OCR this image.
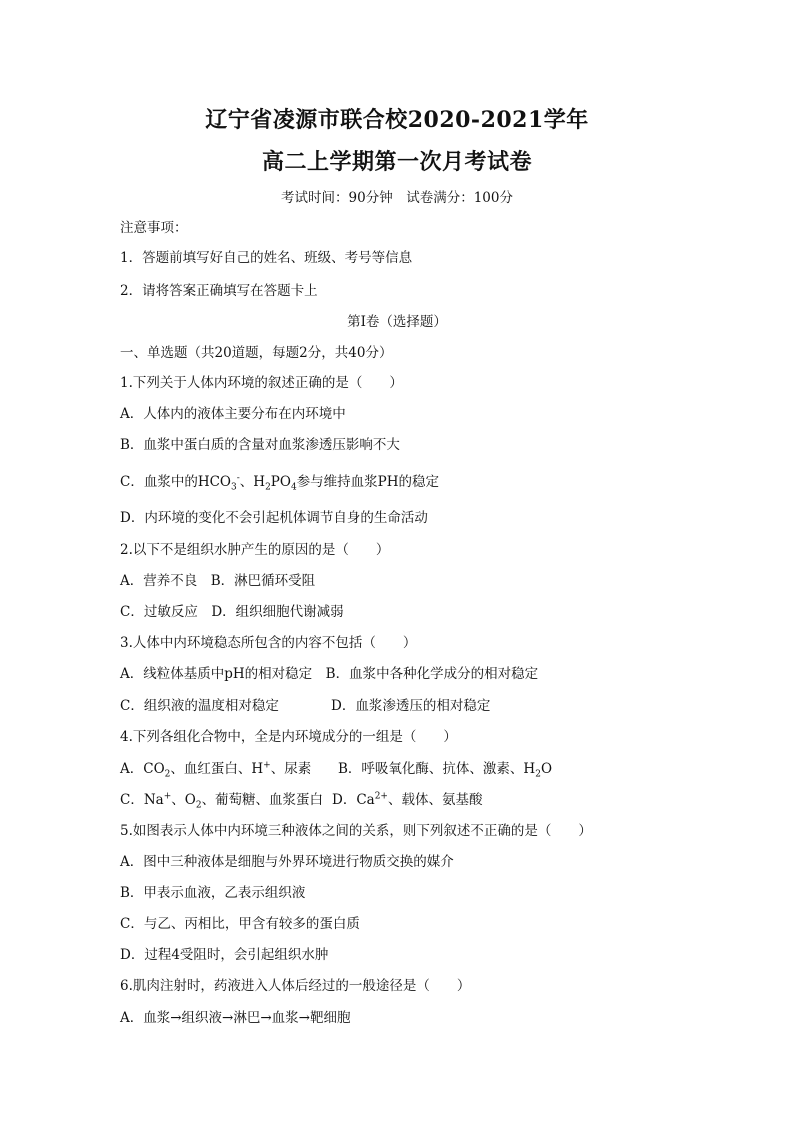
辽宁省凌源市联合校2020-2021学年
高二上学期第一次月考试卷
考试时间：90分钟　试卷满分：100分
注意事项：
1．答题前填写好自己的姓名、班级、考号等信息
2．请将答案正确填写在答题卡上
第I卷（选择题）
一、单选题（共20道题，每题2分，共40分）
1.下列关于人体内环境的叙述正确的是（　　）
A．人体内的液体主要分布在内环境中
B．血浆中蛋白质的含量对血浆渗透压影响不大
C．血浆中的$HCO_3^-$、$H_2PO_4$参与维持血浆PH的稳定
D．内环境的变化不会引起机体调节自身的生命活动
2.以下不是组织水肿产生的原因的是（　　）
A．营养不良　B．淋巴循环受阻
C．过敏反应　D．组织细胞代谢减弱
3.人体中内环境稳态所包含的内容不包括（　　）
A．线粒体基质中pH的相对稳定　B．血浆中各种化学成分的相对稳定
C．组织液的温度相对稳定	D．血浆渗透压的相对稳定
4.下列各组化合物中，全是内环境成分的一组是（　　）
A．$CO_2$、血红蛋白、H+、尿素 B．呼吸氧化酶、抗体、激素、$H_2O$
C．Na+、$O_2$、葡萄糖、血浆蛋白 D．$Ca^{2+}$、载体、氨基酸
5.如图表示人体中内环境三种液体之间的关系，则下列叙述不正确的是（　　）
A．图中三种液体是细胞与外界环境进行物质交换的媒介
B．甲表示血液，乙表示组织液
C．与乙、丙相比，甲含有较多的蛋白质
D．过程4受阻时，会引起组织水肿
6.肌肉注射时，药液进入人体后经过的一般途径是（　　）
A．血浆→组织液→淋巴→血浆→靶细胞
